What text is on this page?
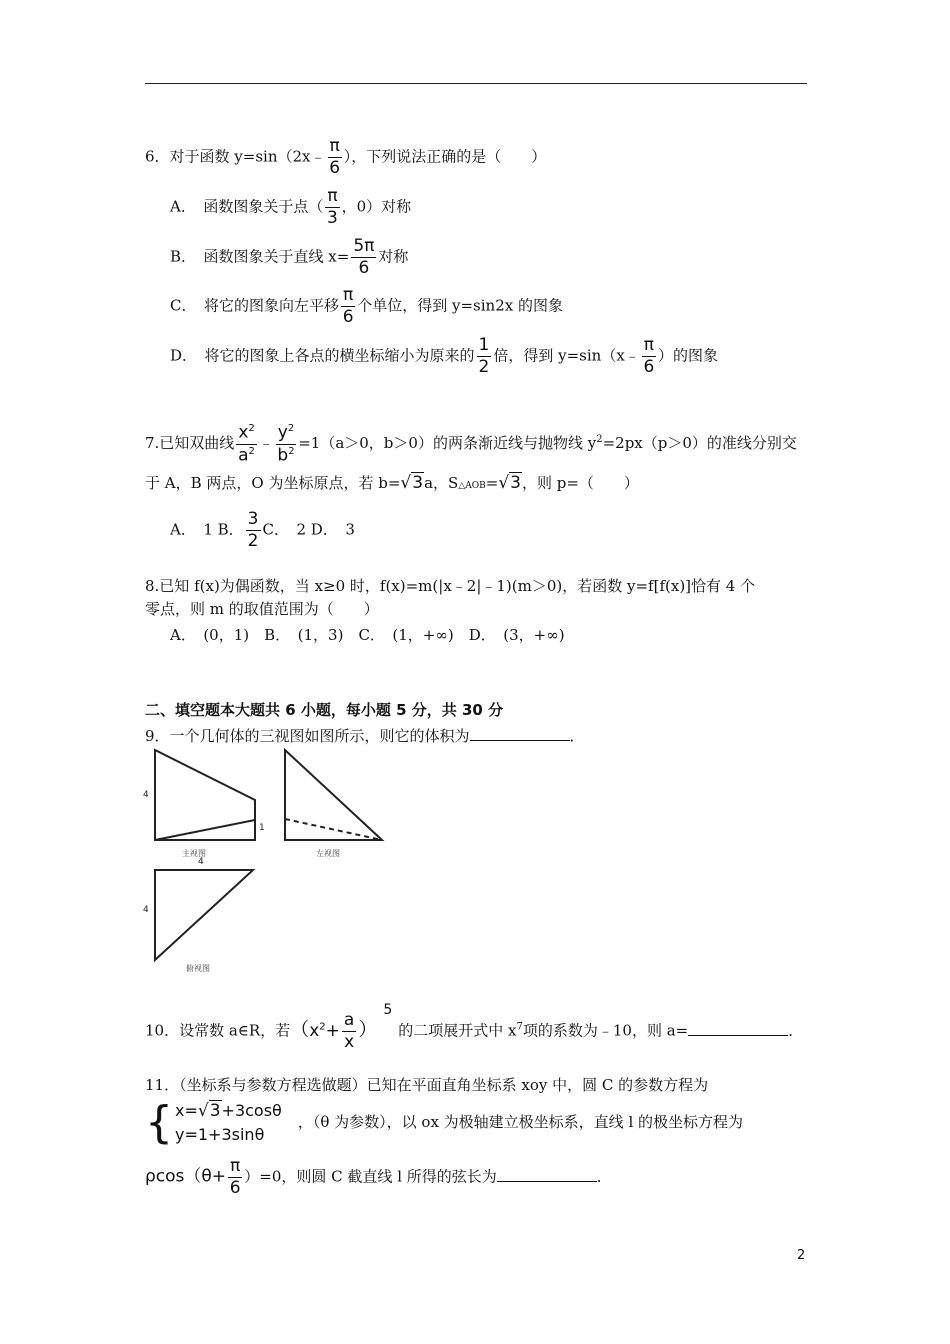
6．对于函数 y=sin（2x﹣ $\frac{\pi}{6}$ ），下列说法正确的是（　　）
A．　函数图象关于点（ $\frac{\pi}{3}$ ，0）对称
B．　函数图象关于直线 $x= \frac{5\pi}{6}$ 对称
C．　将它的图象向左平移 $\frac{\pi}{6}$ 个单位，得到 y=sin2x 的图象
D．　将它的图象上各点的横坐标缩小为原来的 $\frac{1}{2}$ 倍，得到 y=sin（x﹣ $\frac{\pi}{6}$ ）的图象
7.已知双曲线 $\frac{x^2}{a^2}$ ﹣ $\frac{y^2}{b^2} =1(a>0$，b＞0）的两条渐近线与抛物线 $y^2=2px(p>0)$的准线分别交
于 A，B 两点，O 为坐标原点，若 b=√3a，S△AOB=√3，则 p=（　　）
A．　1 B． $\frac{3}{2}$ C．　2 D．　3
8.已知 f(x)为偶函数，当 x≥0 时，f(x)=m(|x﹣2|﹣1)(m＞0)，若函数 y=f[f(x)]恰有 4 个
零点，则 m 的取值范围为（　　）
A．　(0，1)　B．　(1，3)　C．　(1，+∞)　D．　(3，+∞)
二、填空题本大题共 6 小题，每小题 5 分，共 30 分
9．一个几何体的三视图如图所示，则它的体积为	．
4
1
主视图
4
左视图
4
俯视图
10．设常数 a∈R，若$(x^2+ \frac{a}{x} )5$的二项展开式中 $x^7$项的系数为﹣10，则 a=	．
11．（坐标系与参数方程选做题）已知在平面直角坐标系 xoy 中，圆 C 的参数方程为
{ x=√3+3cosθ
y=1+3sinθ
，（θ 为参数），以 ox 为极轴建立极坐标系，直线 l 的极坐标方程为
$\rho\cos(\theta+ \frac{\pi}{6} )=0$，则圆 C 截直线 l 所得的弦长为	．
2
